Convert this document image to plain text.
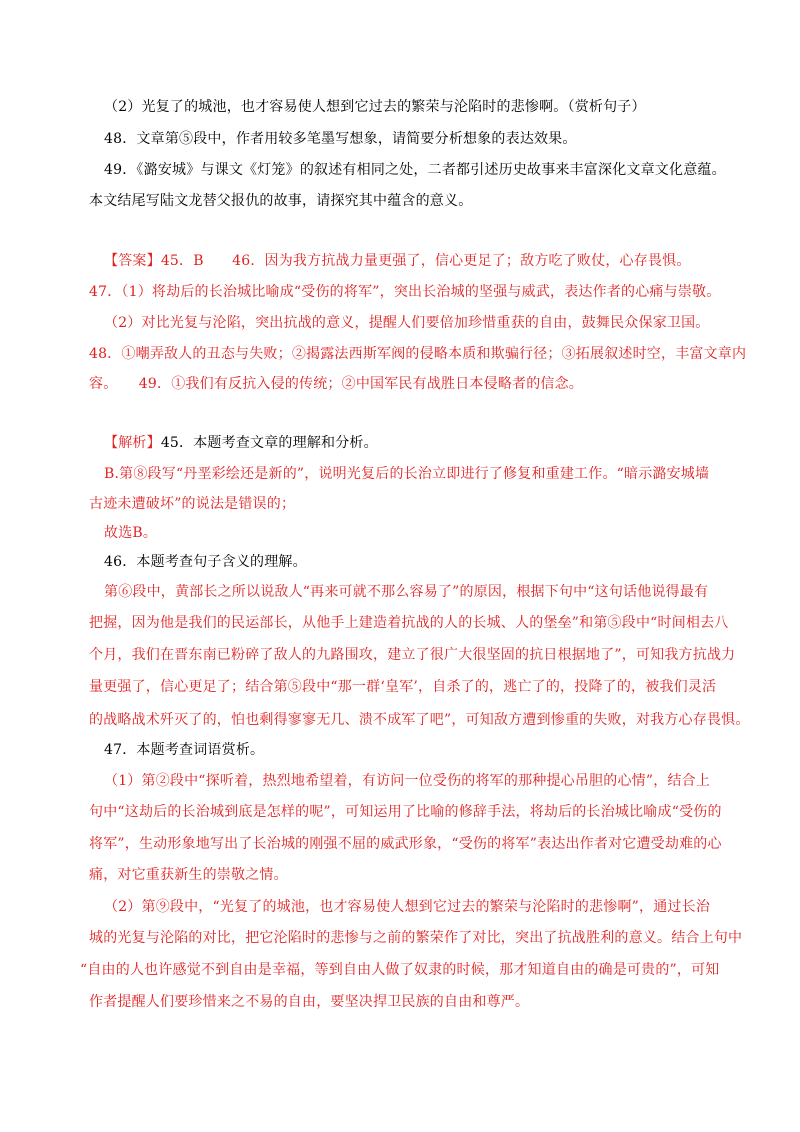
（2）光复了的城池，也才容易使人想到它过去的繁荣与沦陷时的悲惨啊。（赏析句子）
48．文章第⑤段中，作者用较多笔墨写想象，请简要分析想象的表达效果。
49．《潞安城》与课文《灯笼》的叙述有相同之处，二者都引述历史故事来丰富深化文章文化意蕴。
本文结尾写陆文龙替父报仇的故事，请探究其中蕴含的意义。
【答案】45．B　　46．因为我方抗战力量更强了，信心更足了；敌方吃了败仗，心存畏惧。
47．（1）将劫后的长治城比喻成“受伤的将军”，突出长治城的坚强与威武，表达作者的心痛与崇敬。
（2）对比光复与沦陷，突出抗战的意义，提醒人们要倍加珍惜重获的自由，鼓舞民众保家卫国。
48．①嘲弄敌人的丑态与失败；②揭露法西斯军阀的侵略本质和欺骗行径；③拓展叙述时空，丰富文章内
容。　　49．①我们有反抗入侵的传统；②中国军民有战胜日本侵略者的信念。
【解析】45．本题考查文章的理解和分析。
B.第⑧段写“丹垩彩绘还是新的”，说明光复后的长治立即进行了修复和重建工作。“暗示潞安城墙
古迹未遭破坏”的说法是错误的；
故选B。
46．本题考查句子含义的理解。
第⑥段中，黄部长之所以说敌人“再来可就不那么容易了”的原因，根据下句中“这句话他说得最有
把握，因为他是我们的民运部长，从他手上建造着抗战的人的长城、人的堡垒”和第⑤段中“时间相去八
个月，我们在晋东南已粉碎了敌人的九路围攻，建立了很广大很坚固的抗日根据地了”，可知我方抗战力
量更强了，信心更足了；结合第⑤段中“那一群‘皇军’，自杀了的，逃亡了的，投降了的，被我们灵活
的战略战术歼灭了的，怕也剩得寥寥无几、溃不成军了吧”，可知敌方遭到惨重的失败，对我方心存畏惧。
47．本题考查词语赏析。
（1）第②段中“探听着，热烈地希望着，有访问一位受伤的将军的那种提心吊胆的心情”，结合上
句中“这劫后的长治城到底是怎样的呢”，可知运用了比喻的修辞手法，将劫后的长治城比喻成“受伤的
将军”，生动形象地写出了长治城的刚强不屈的威武形象，“受伤的将军”表达出作者对它遭受劫难的心
痛，对它重获新生的崇敬之情。
（2）第⑨段中，“光复了的城池，也才容易使人想到它过去的繁荣与沦陷时的悲惨啊”，通过长治
城的光复与沦陷的对比，把它沦陷时的悲惨与之前的繁荣作了对比，突出了抗战胜利的意义。结合上句中
“自由的人也许感觉不到自由是幸福，等到自由人做了奴隶的时候，那才知道自由的确是可贵的”，可知
作者提醒人们要珍惜来之不易的自由，要坚决捍卫民族的自由和尊严。
